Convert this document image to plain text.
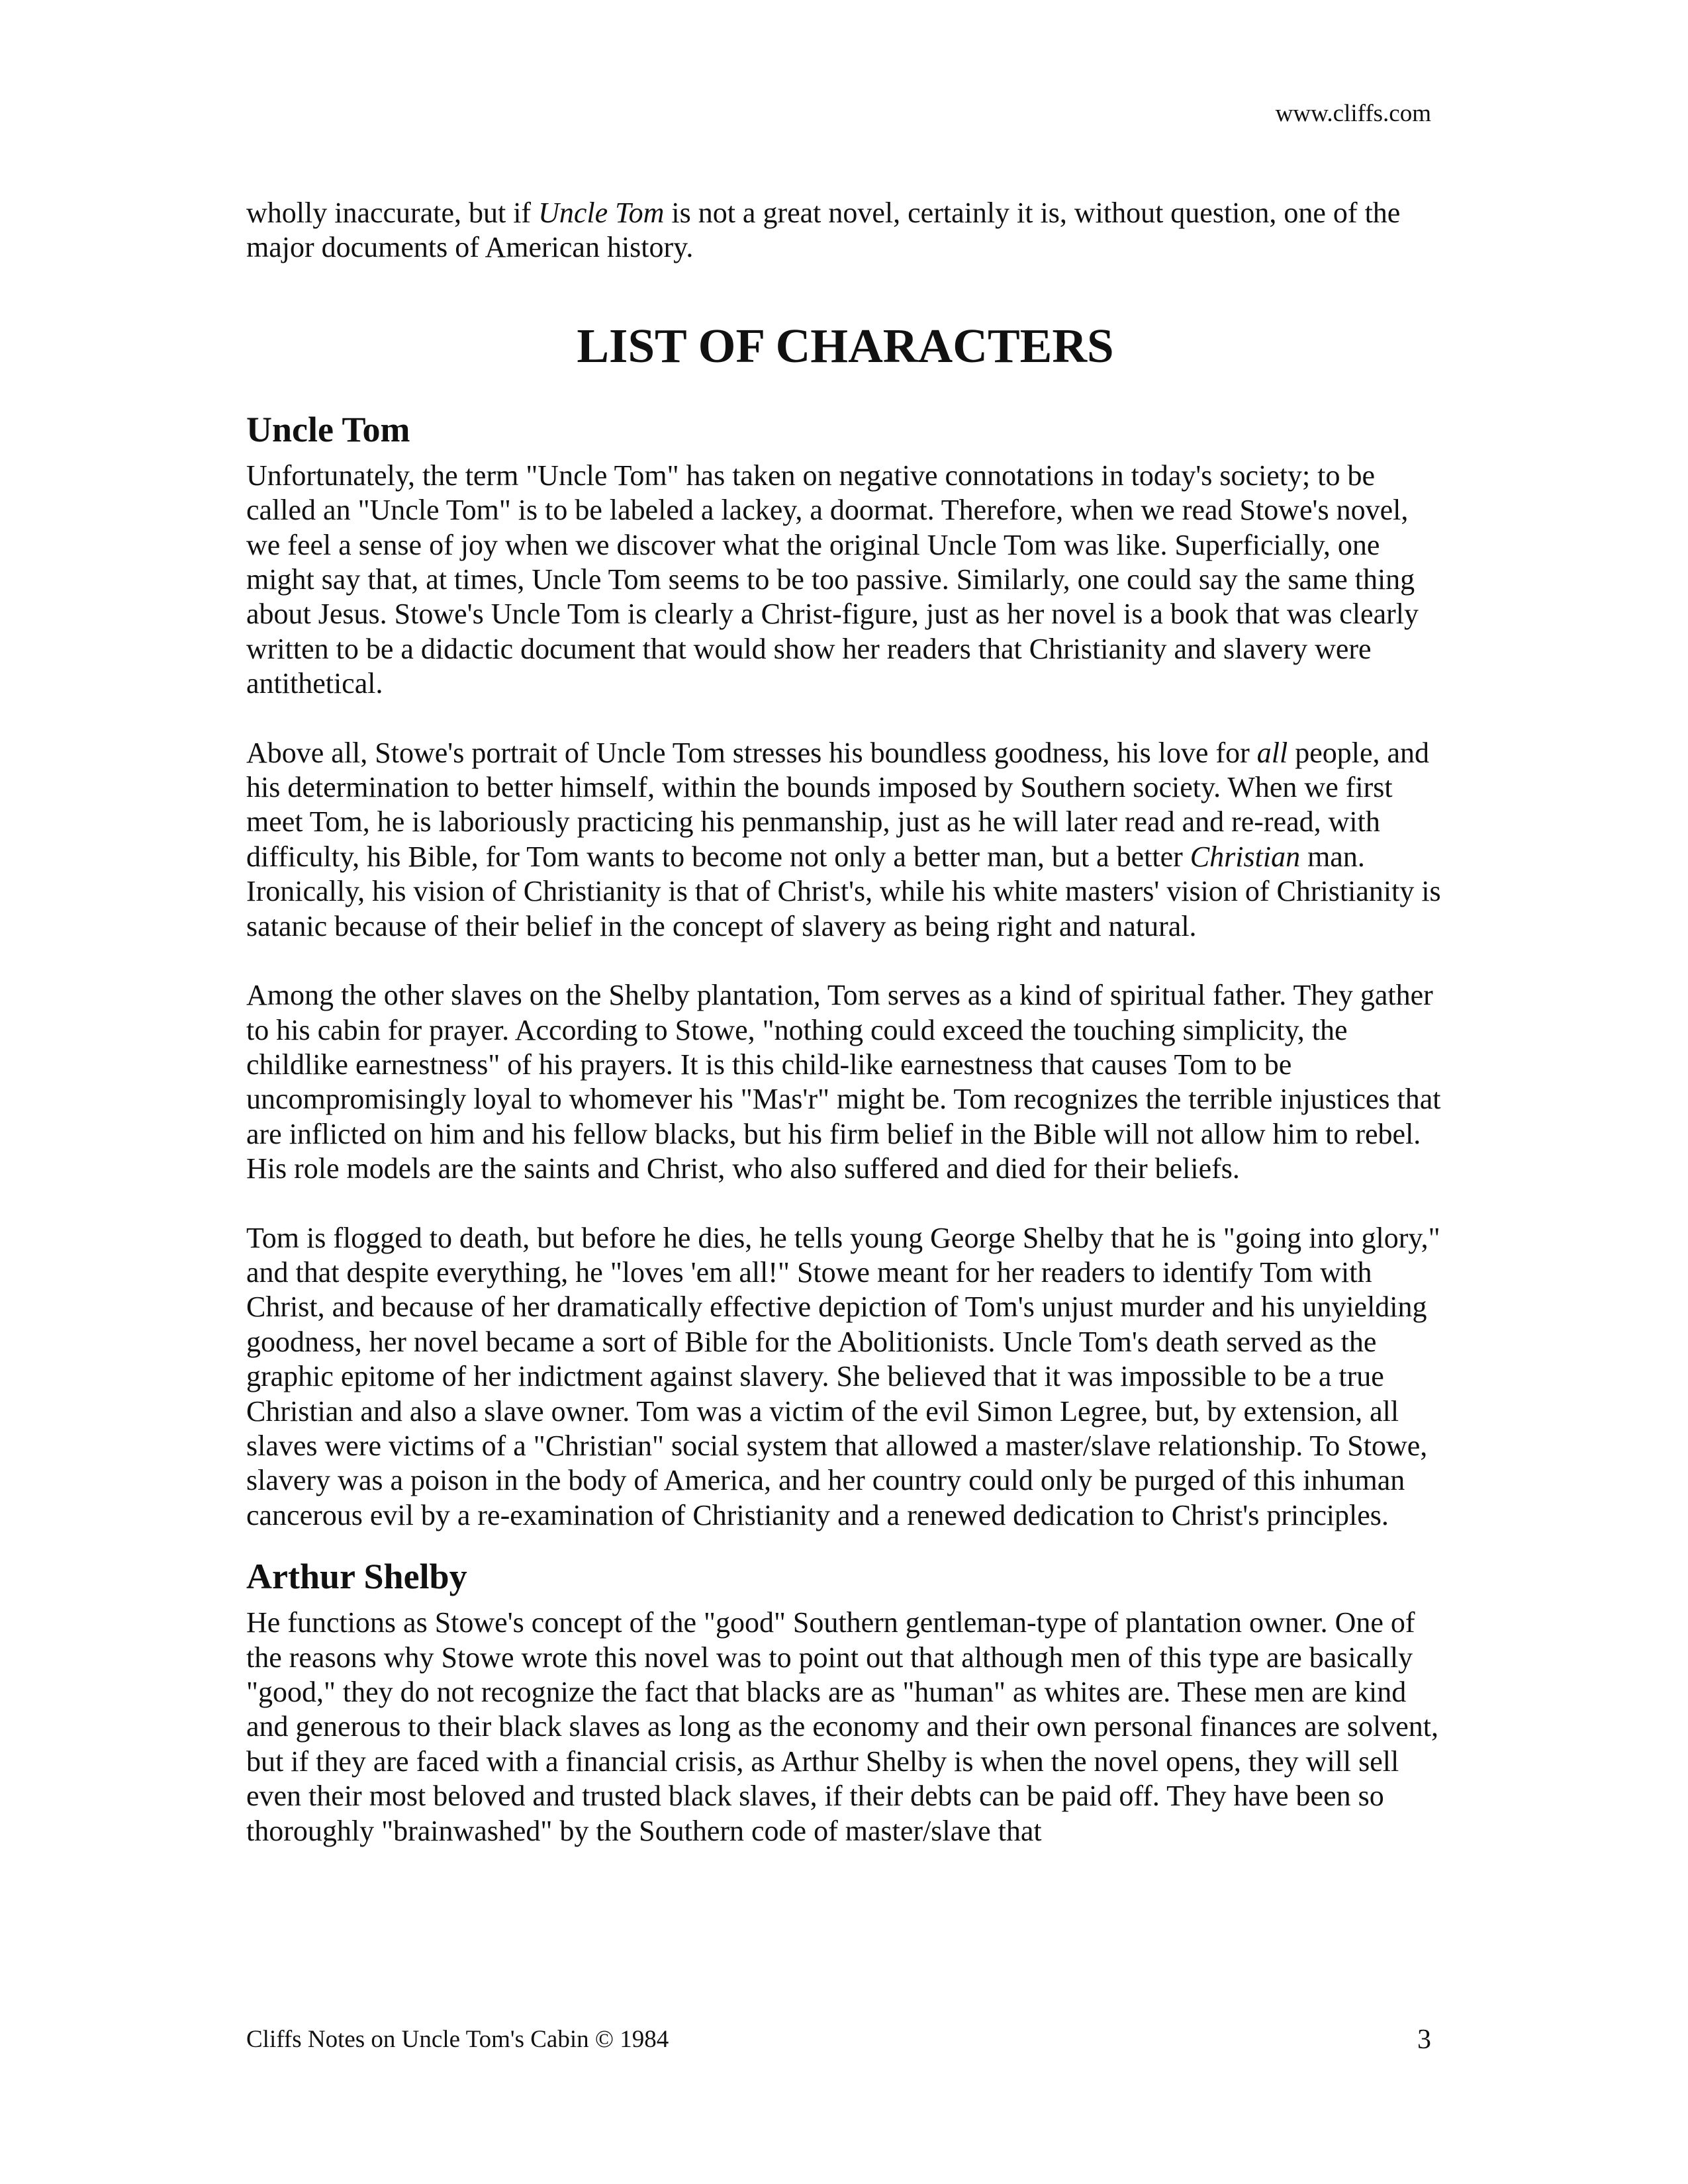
www.cliffs.com

wholly inaccurate, but if Uncle Tom is not a great novel, certainly it is, without question, one of the major documents of American history.

LIST OF CHARACTERS
Uncle Tom

Unfortunately, the term "Uncle Tom" has taken on negative connotations in today's society; to be called an "Uncle Tom" is to be labeled a lackey, a doormat. Therefore, when we read Stowe's novel, we feel a sense of joy when we discover what the original Uncle Tom was like. Superficially, one might say that, at times, Uncle Tom seems to be too passive. Similarly, one could say the same thing about Jesus. Stowe's Uncle Tom is clearly a Christ-figure, just as her novel is a book that was clearly written to be a didactic document that would show her readers that Christianity and slavery were antithetical.

Above all, Stowe's portrait of Uncle Tom stresses his boundless goodness, his love for all people, and his determination to better himself, within the bounds imposed by Southern society. When we first meet Tom, he is laboriously practicing his penmanship, just as he will later read and re-read, with difficulty, his Bible, for Tom wants to become not only a better man, but a better Christian man. Ironically, his vision of Christianity is that of Christ's, while his white masters' vision of Christianity is satanic because of their belief in the concept of slavery as being right and natural.

Among the other slaves on the Shelby plantation, Tom serves as a kind of spiritual father. They gather to his cabin for prayer. According to Stowe, "nothing could exceed the touching simplicity, the childlike earnestness" of his prayers. It is this child-like earnestness that causes Tom to be uncompromisingly loyal to whomever his "Mas'r" might be. Tom recognizes the terrible injustices that are inflicted on him and his fellow blacks, but his firm belief in the Bible will not allow him to rebel. His role models are the saints and Christ, who also suffered and died for their beliefs.

Tom is flogged to death, but before he dies, he tells young George Shelby that he is "going into glory," and that despite everything, he "loves 'em all!" Stowe meant for her readers to identify Tom with Christ, and because of her dramatically effective depiction of Tom's unjust murder and his unyielding goodness, her novel became a sort of Bible for the Abolitionists. Uncle Tom's death served as the graphic epitome of her indictment against slavery. She believed that it was impossible to be a true Christian and also a slave owner. Tom was a victim of the evil Simon Legree, but, by extension, all slaves were victims of a "Christian" social system that allowed a master/slave relationship. To Stowe, slavery was a poison in the body of America, and her country could only be purged of this inhuman cancerous evil by a re-examination of Christianity and a renewed dedication to Christ's principles.

Arthur Shelby

He functions as Stowe's concept of the "good" Southern gentleman-type of plantation owner. One of the reasons why Stowe wrote this novel was to point out that although men of this type are basically "good," they do not recognize the fact that blacks are as "human" as whites are. These men are kind and generous to their black slaves as long as the economy and their own personal finances are solvent, but if they are faced with a financial crisis, as Arthur Shelby is when the novel opens, they will sell even their most beloved and trusted black slaves, if their debts can be paid off. They have been so thoroughly "brainwashed" by the Southern code of master/slave that

Cliffs Notes on Uncle Tom's Cabin © 1984	3
